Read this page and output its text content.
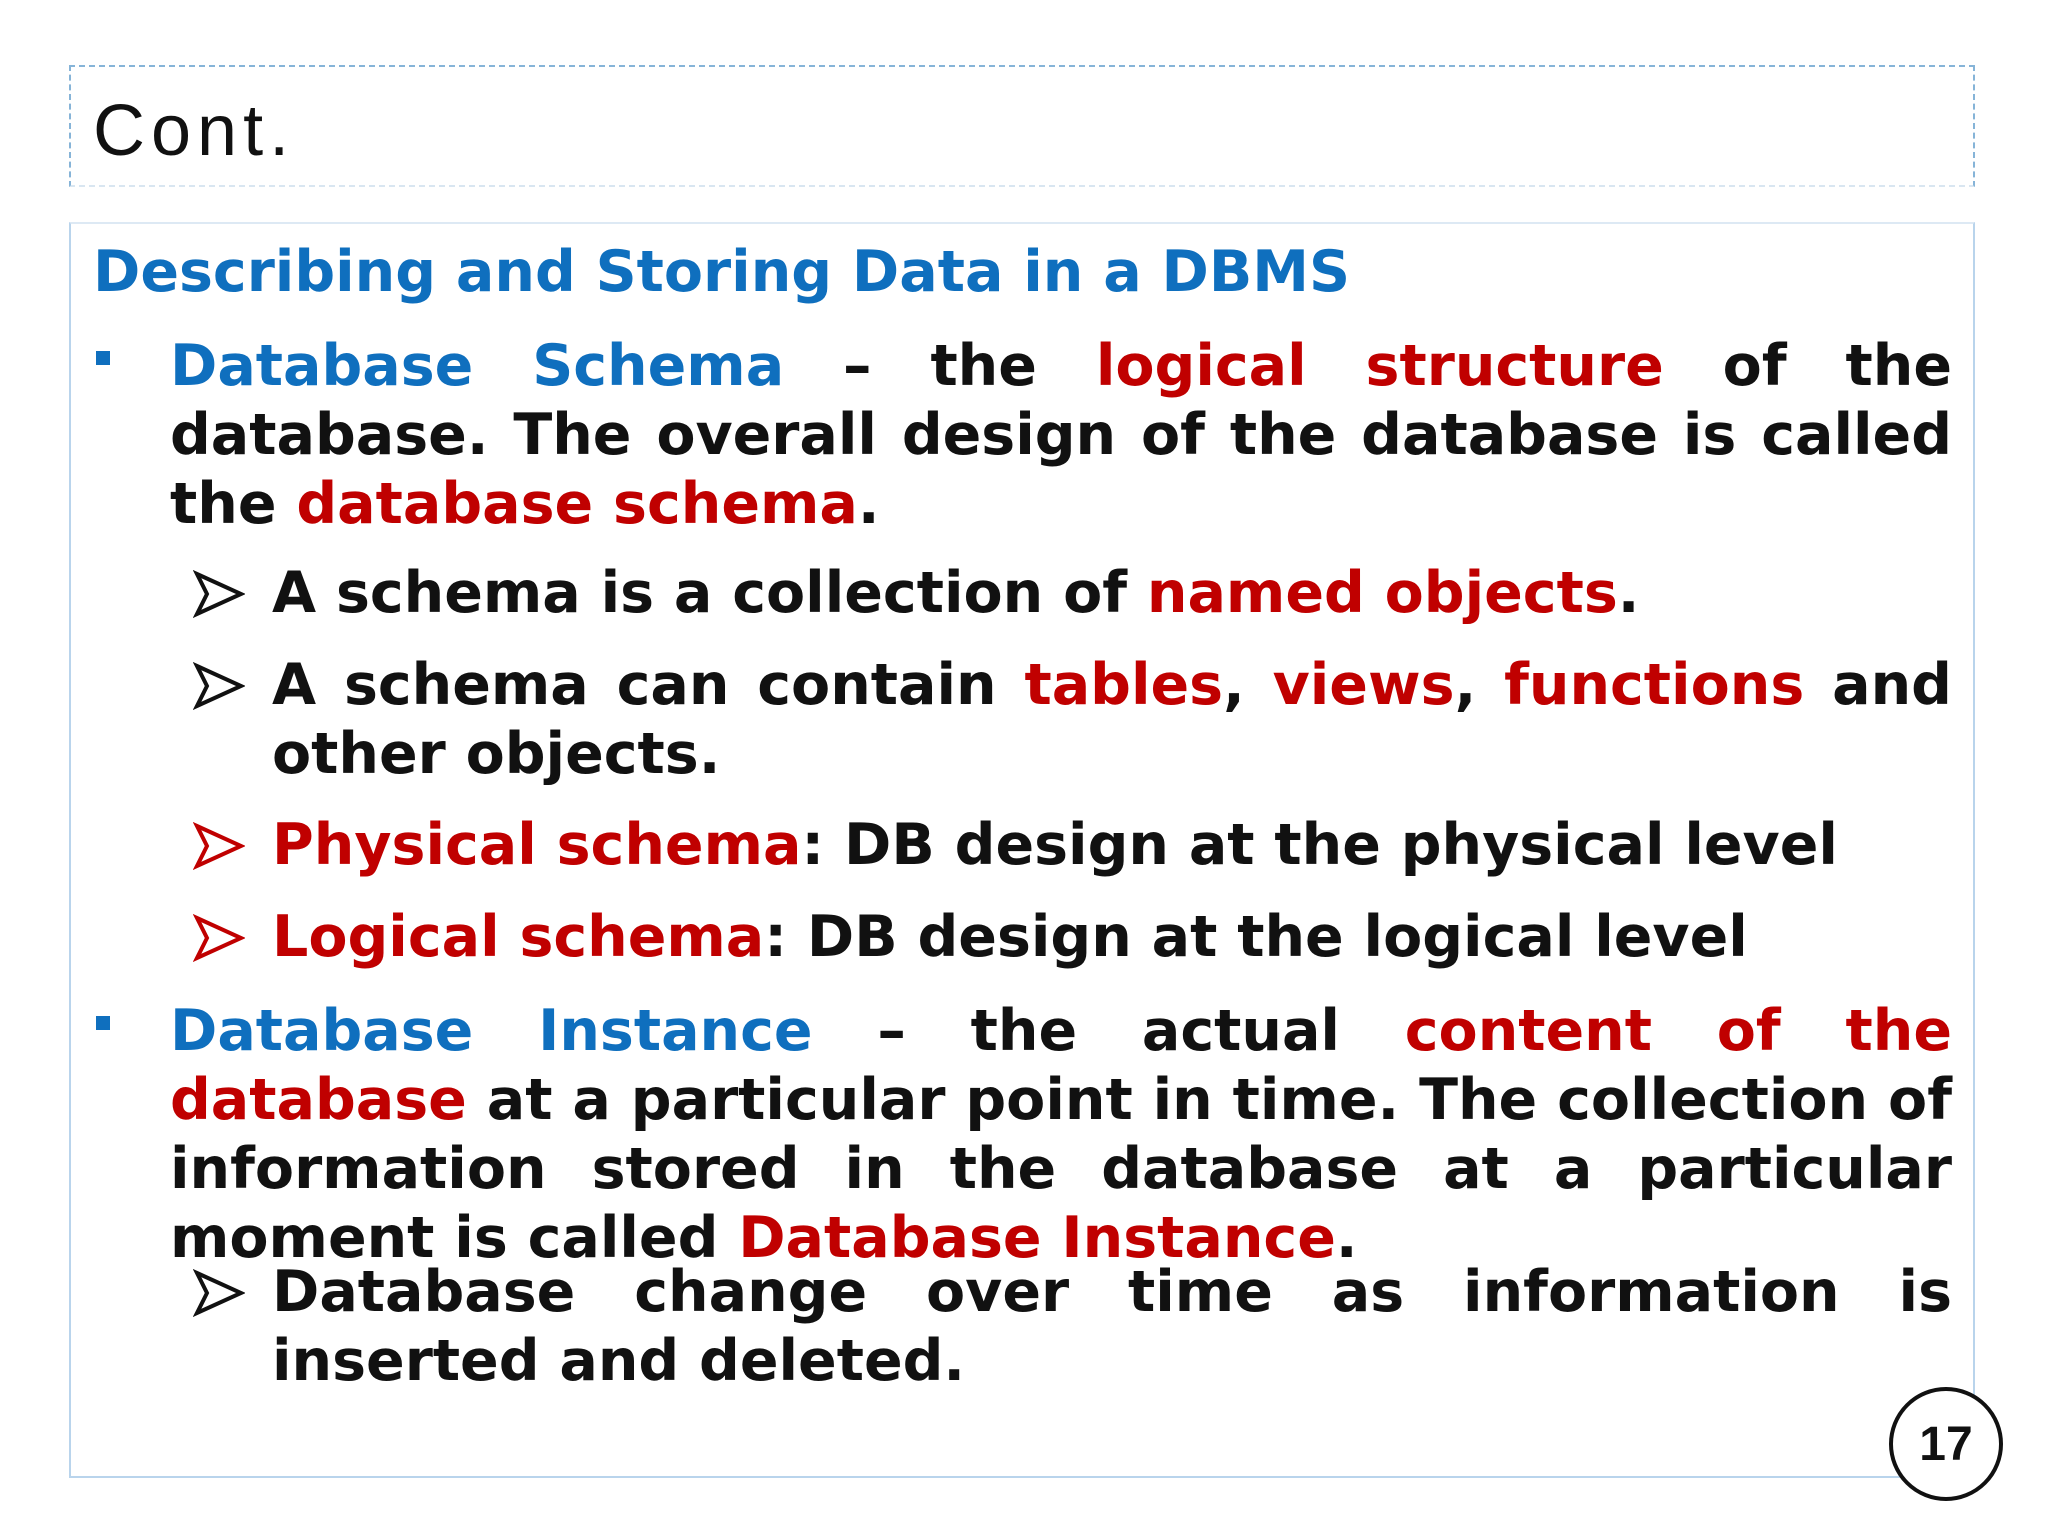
Cont.
Describing and Storing Data in a DBMS
Database Schema – the logical structure of the database. The overall design of the database is called the database schema.
A schema is a collection of named objects.
A schema can contain tables, views, functions and other objects.
Physical schema: DB design at the physical level
Logical schema: DB design at the logical level
Database Instance – the actual content of the database at a particular point in time. The collection of information stored in the database at a particular moment is called Database Instance.
Database change over time as information is inserted and deleted.
17
